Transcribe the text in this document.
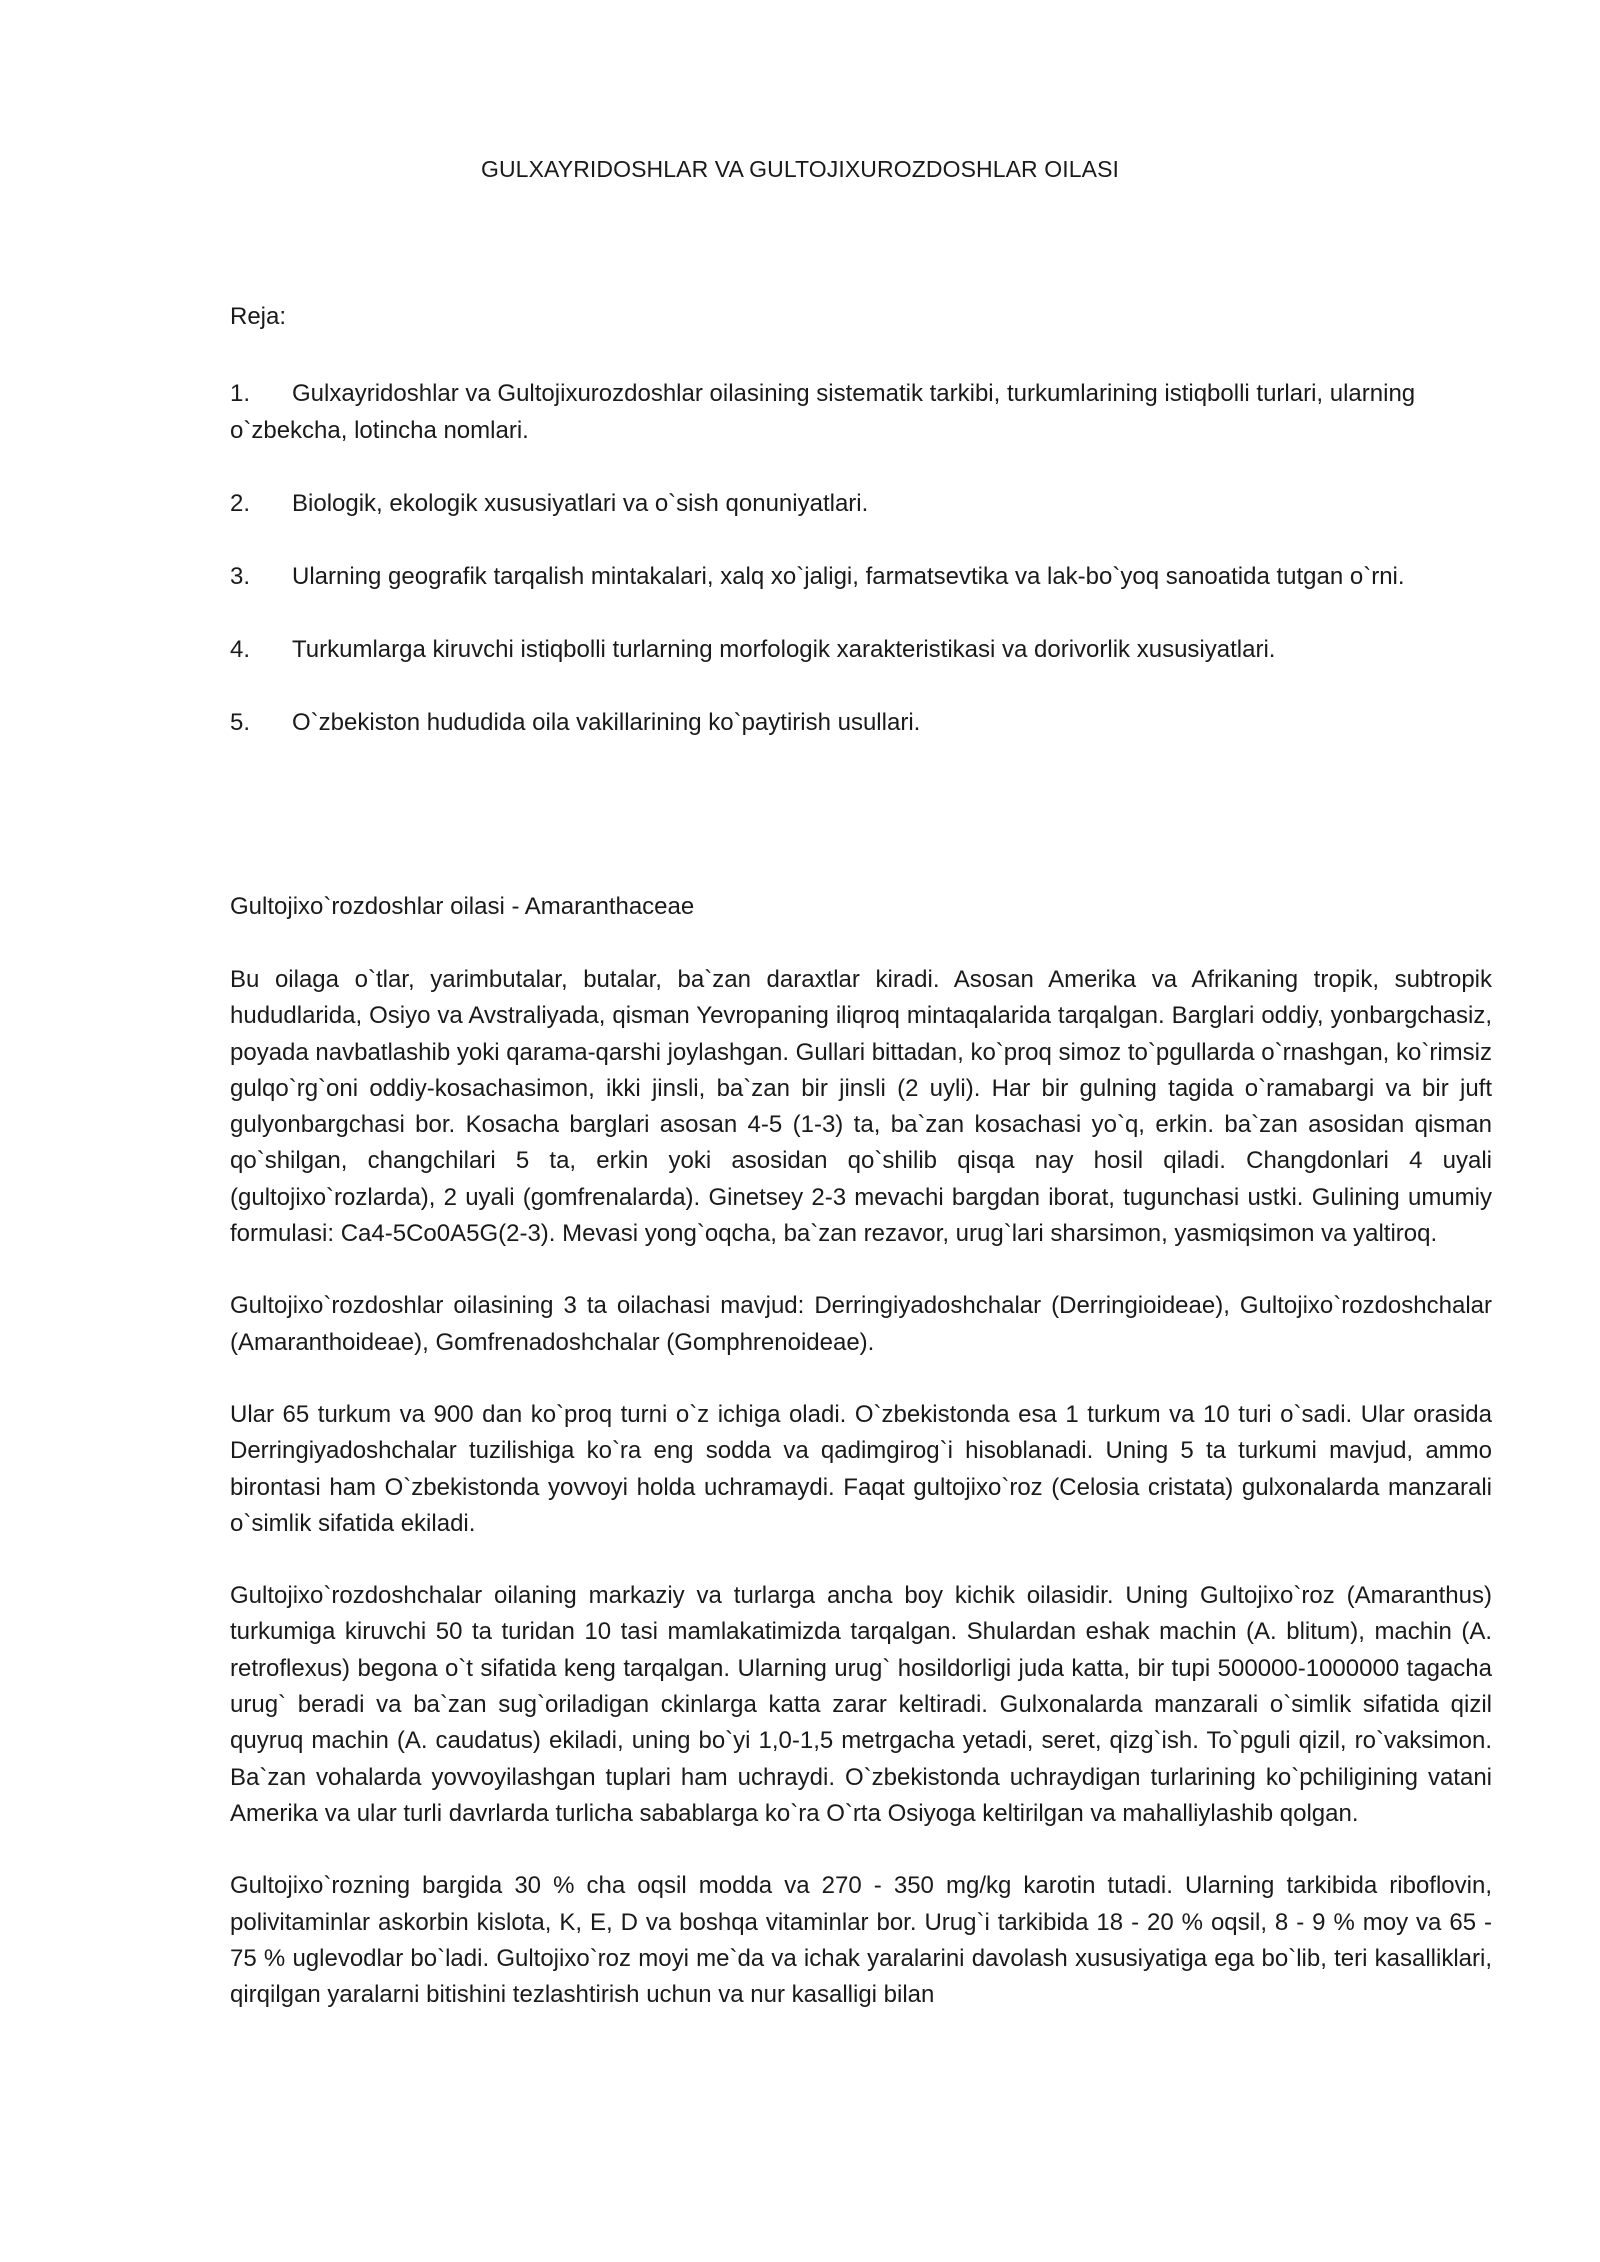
GULXAYRIDOSHLAR VA GULTOJIXUROZDOSHLAR OILASI
Reja:
1. Gulxayridoshlar va Gultojixurozdoshlar oilasining sistematik tarkibi, turkumlarining istiqbolli turlari, ularning o`zbekcha, lotincha nomlari.
2. Biologik, ekologik xususiyatlari va o`sish qonuniyatlari.
3. Ularning geografik tarqalish mintakalari, xalq xo`jaligi, farmatsevtika va lak-bo`yoq sanoatida tutgan o`rni.
4. Turkumlarga kiruvchi istiqbolli turlarning morfologik xarakteristikasi va dorivorlik xususiyatlari.
5. O`zbekiston hududida oila vakillarining ko`paytirish usullari.
Gultojixo`rozdoshlar oilasi - Amaranthaceae

Bu oilaga o`tlar, yarimbutalar, butalar, ba`zan daraxtlar kiradi. Asosan Amerika va Afrikaning tropik, subtropik hududlarida, Osiyo va Avstraliyada, qisman Yevropaning iliqroq mintaqalarida tarqalgan. Barglari oddiy, yonbargchasiz, poyada navbatlashib yoki qarama-qarshi joylashgan. Gullari bittadan, ko`proq simoz to`pgullarda o`rnashgan, ko`rimsiz gulqo`rg`oni oddiy-kosachasimon, ikki jinsli, ba`zan bir jinsli (2 uyli). Har bir gulning tagida o`ramabargi va bir juft gulyonbargchasi bor. Kosacha barglari asosan 4-5 (1-3) ta, ba`zan kosachasi yo`q, erkin. ba`zan asosidan qisman qo`shilgan, changchilari 5 ta, erkin yoki asosidan qo`shilib qisqa nay hosil qiladi. Changdonlari 4 uyali (gultojixo`rozlarda), 2 uyali (gomfrenalarda). Ginetsey 2-3 mevachi bargdan iborat, tugunchasi ustki. Gulining umumiy formulasi: Ca4-5Co0A5G(2-3). Mevasi yong`oqcha, ba`zan rezavor, urug`lari sharsimon, yasmiqsimon va yaltiroq.

Gultojixo`rozdoshlar oilasining 3 ta oilachasi mavjud: Derringiyadoshchalar (Derringioideae), Gultojixo`rozdoshchalar (Amaranthoideae), Gomfrenadoshchalar (Gomphrenoideae).

Ular 65 turkum va 900 dan ko`proq turni o`z ichiga oladi. O`zbekistonda esa 1 turkum va 10 turi o`sadi. Ular orasida Derringiyadoshchalar tuzilishiga ko`ra eng sodda va qadimgirog`i hisoblanadi. Uning 5 ta turkumi mavjud, ammo birontasi ham O`zbekistonda yovvoyi holda uchramaydi. Faqat gultojixo`roz (Celosia cristata) gulxonalarda manzarali o`simlik sifatida ekiladi.

Gultojixo`rozdoshchalar oilaning markaziy va turlarga ancha boy kichik oilasidir. Uning Gultojixo`roz (Amaranthus) turkumiga kiruvchi 50 ta turidan 10 tasi mamlakatimizda tarqalgan. Shulardan eshak machin (A. blitum), machin (A. retroflexus) begona o`t sifatida keng tarqalgan. Ularning urug` hosildorligi juda katta, bir tupi 500000-1000000 tagacha urug` beradi va ba`zan sug`oriladigan ckinlarga katta zarar keltiradi. Gulxonalarda manzarali o`simlik sifatida qizil quyruq machin (A. caudatus) ekiladi, uning bo`yi 1,0-1,5 metrgacha yetadi, seret, qizg`ish. To`pguli qizil, ro`vaksimon. Ba`zan vohalarda yovvoyilashgan tuplari ham uchraydi. O`zbekistonda uchraydigan turlarining ko`pchiligining vatani Amerika va ular turli davrlarda turlicha sabablarga ko`ra O`rta Osiyoga keltirilgan va mahalliylashib qolgan.

Gultojixo`rozning bargida 30 % cha oqsil modda va 270 - 350 mg/kg karotin tutadi. Ularning tarkibida riboflovin, polivitaminlar askorbin kislota, K, E, D va boshqa vitaminlar bor. Urug`i tarkibida 18 - 20 % oqsil, 8 - 9 % moy va 65 - 75 % uglevodlar bo`ladi. Gultojixo`roz moyi me`da va ichak yaralarini davolash xususiyatiga ega bo`lib, teri kasalliklari, qirqilgan yaralarni bitishini tezlashtirish uchun va nur kasalligi bilan
